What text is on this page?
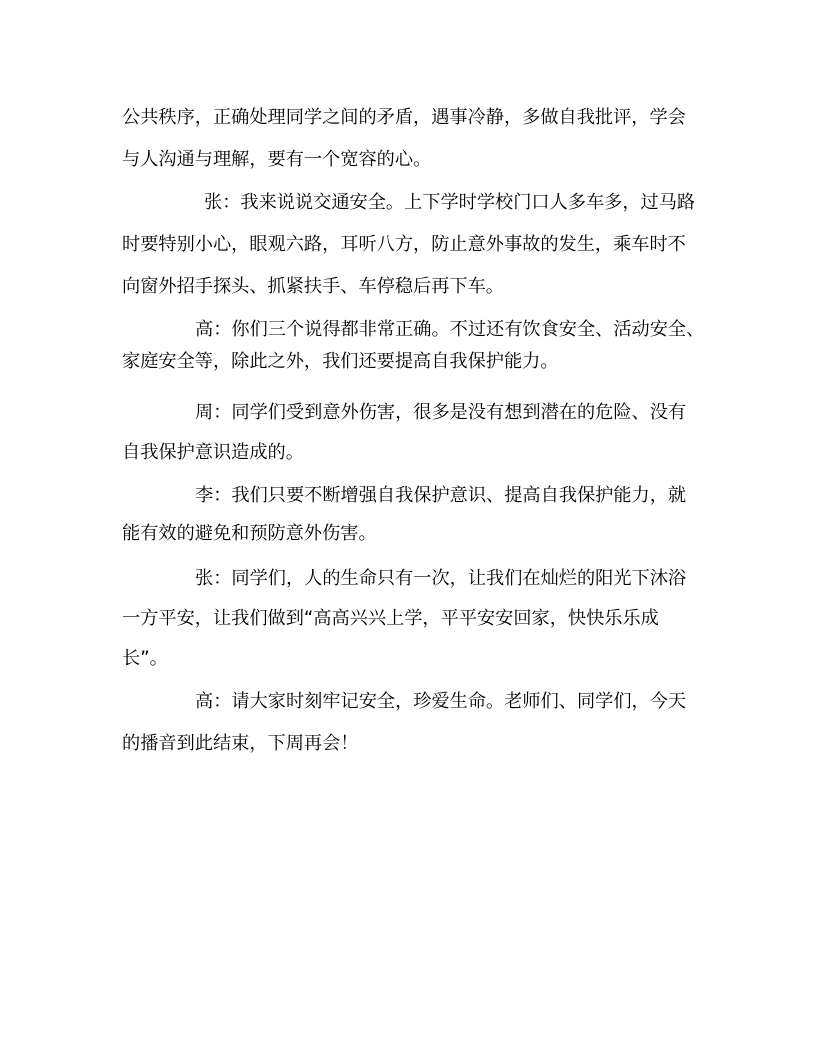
公共秩序，正确处理同学之间的矛盾，遇事冷静，多做自我批评，学会
与人沟通与理解，要有一个宽容的心。
张：我来说说交通安全。上下学时学校门口人多车多，过马路
时要特别小心，眼观六路，耳听八方，防止意外事故的发生，乘车时不
向窗外招手探头、抓紧扶手、车停稳后再下车。
高：你们三个说得都非常正确。不过还有饮食安全、活动安全、
家庭安全等，除此之外，我们还要提高自我保护能力。
周：同学们受到意外伤害，很多是没有想到潜在的危险、没有
自我保护意识造成的。
李：我们只要不断增强自我保护意识、提高自我保护能力，就
能有效的避免和预防意外伤害。
张：同学们，人的生命只有一次，让我们在灿烂的阳光下沐浴
一方平安，让我们做到“高高兴兴上学，平平安安回家，快快乐乐成
长”。
高：请大家时刻牢记安全，珍爱生命。老师们、同学们，今天
的播音到此结束，下周再会！
